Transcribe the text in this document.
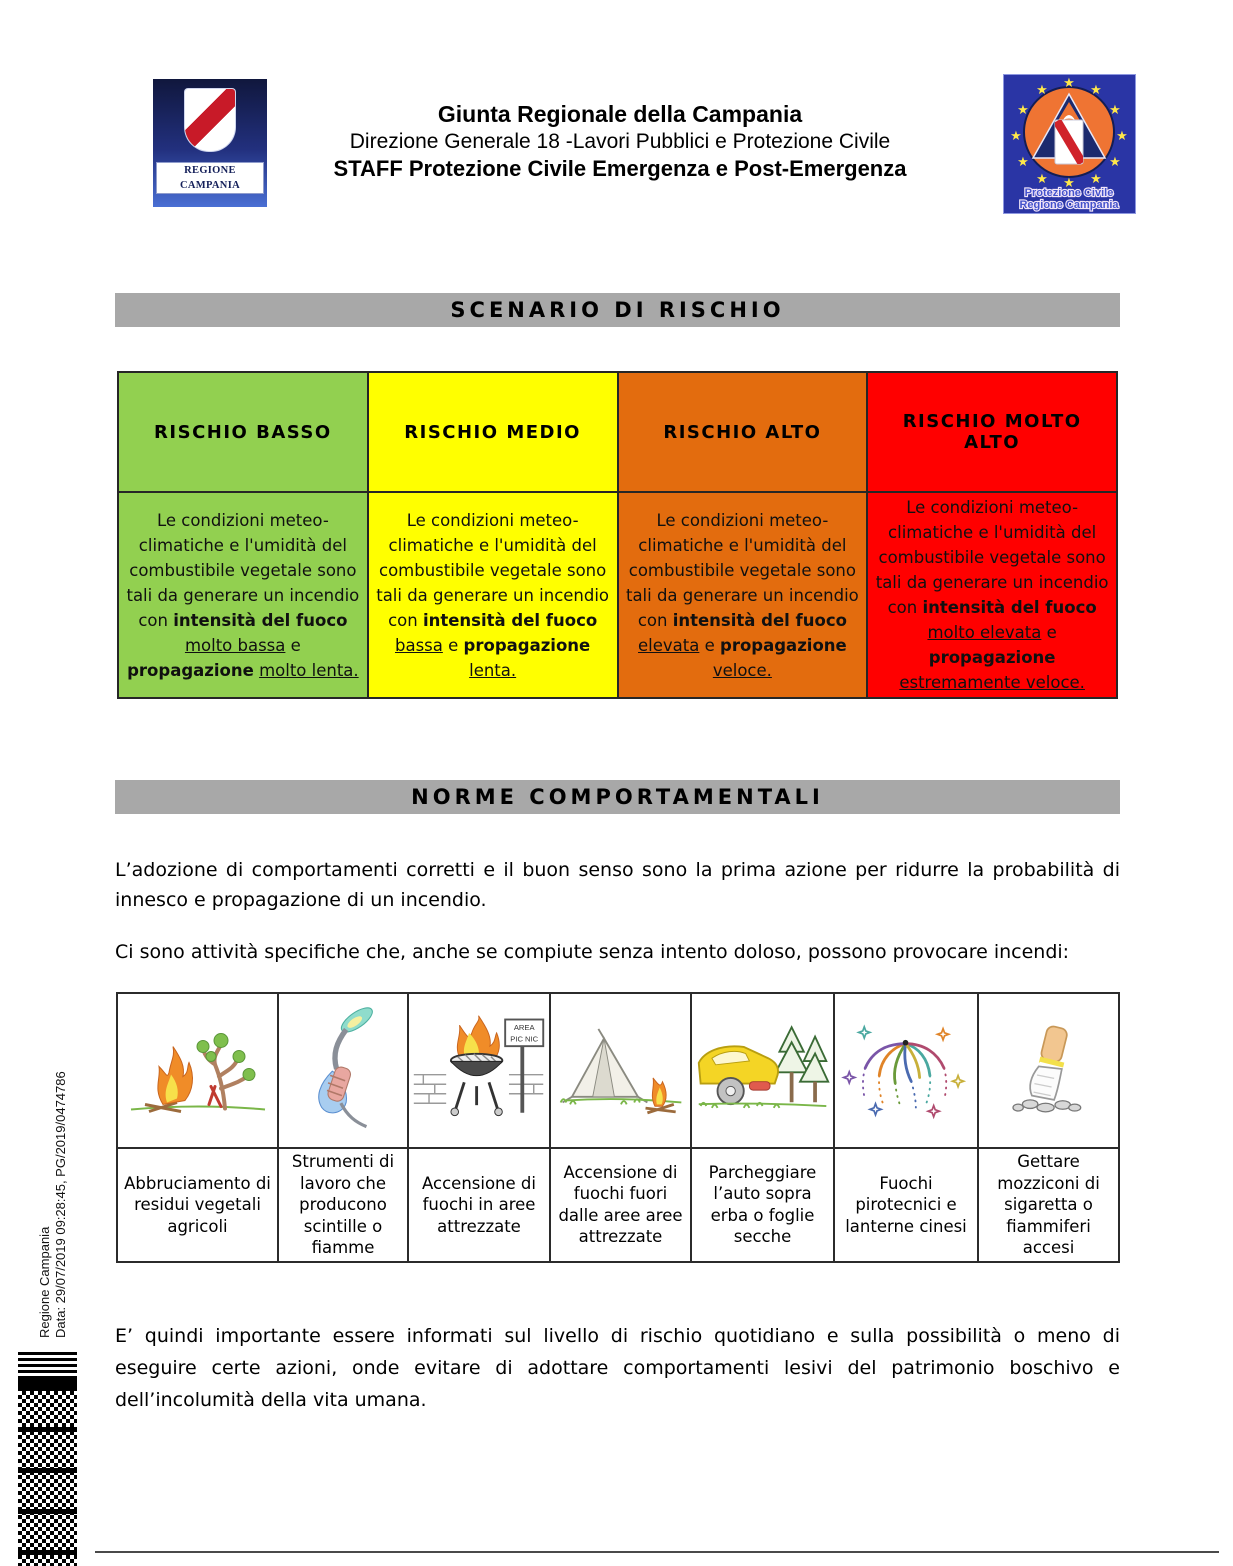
REGIONE CAMPANIA
Giunta Regionale della Campania
Direzione Generale 18 -Lavori Pubblici e Protezione Civile
STAFF Protezione Civile Emergenza e Post-Emergenza
★ ★
★
★
★
★
★
★
★
★
★
★
Protezione Civile
Regione Campania
SCENARIO DI RISCHIO
RISCHIO BASSO	RISCHIO MEDIO	RISCHIO ALTO	RISCHIO MOLTO ALTO
Le condizioni meteo-climatiche e l'umidità del combustibile vegetale sono tali da generare un incendio con intensità del fuoco molto bassa e propagazione molto lenta.	Le condizioni meteo-climatiche e l'umidità del combustibile vegetale sono tali da generare un incendio con intensità del fuoco bassa e propagazione lenta.	Le condizioni meteo-climatiche e l'umidità del combustibile vegetale sono tali da generare un incendio con intensità del fuoco elevata e propagazione veloce.	Le condizioni meteo-climatiche e l'umidità del combustibile vegetale sono tali da generare un incendio con intensità del fuoco molto elevata e propagazione estremamente veloce.
NORME COMPORTAMENTALI

L’adozione di comportamenti corretti e il buon senso sono la prima azione per ridurre la probabilità di innesco e propagazione di un incendio.

Ci sono attività specifiche che, anche se compiute senza intento doloso, possono provocare incendi:

AREA
PIC NIC

Abbruciamento di residui vegetali agricoli	Strumenti di lavoro che producono scintille o fiamme	Accensione di fuochi in aree attrezzate	Accensione di fuochi fuori dalle aree aree attrezzate	Parcheggiare l’auto sopra erba o foglie secche	Fuochi pirotecnici e lanterne cinesi	Gettare mozziconi di sigaretta o fiammiferi accesi

E’ quindi importante essere informati sul livello di rischio quotidiano e sulla possibilità o meno di eseguire certe azioni, onde evitare di adottare comportamenti lesivi del patrimonio boschivo e dell’incolumità della vita umana.

Regione Campania Data: 29/07/2019 09:28:45, PG/2019/0474786
